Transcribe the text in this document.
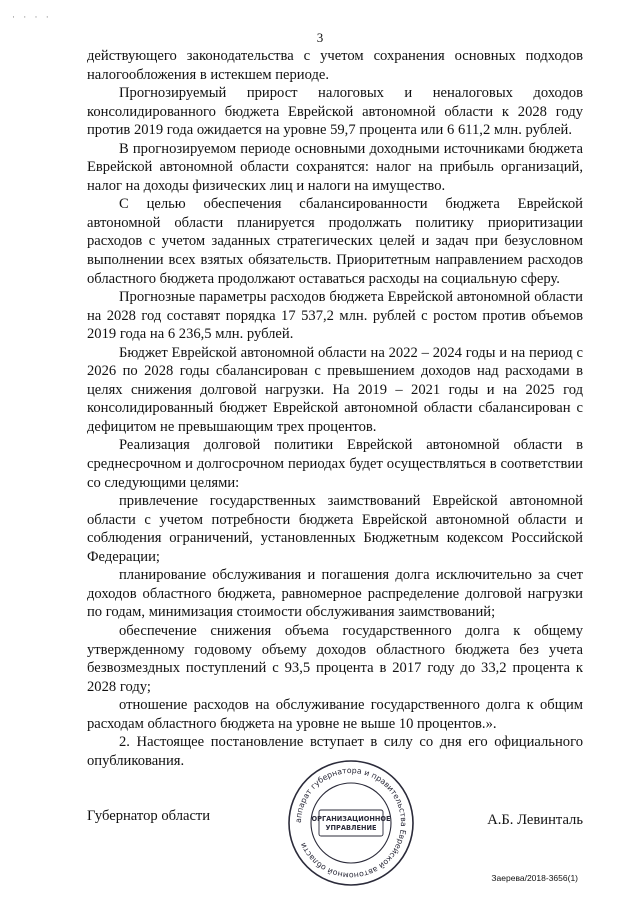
· · · ·
3

действующего законодательства с учетом сохранения основных подходов налогообложения в истекшем периоде.

Прогнозируемый прирост налоговых и неналоговых доходов консолидированного бюджета Еврейской автономной области к 2028 году против 2019 года ожидается на уровне 59,7 процента или 6 611,2 млн. рублей.

В прогнозируемом периоде основными доходными источниками бюджета Еврейской автономной области сохранятся: налог на прибыль организаций, налог на доходы физических лиц и налоги на имущество.

С целью обеспечения сбалансированности бюджета Еврейской автономной области планируется продолжать политику приоритизации расходов с учетом заданных стратегических целей и задач при безусловном выполнении всех взятых обязательств. Приоритетным направлением расходов областного бюджета продолжают оставаться расходы на социальную сферу.

Прогнозные параметры расходов бюджета Еврейской автономной области на 2028 год составят порядка 17 537,2 млн. рублей с ростом против объемов 2019 года на 6 236,5 млн. рублей.

Бюджет Еврейской автономной области на 2022 – 2024 годы и на период с 2026 по 2028 годы сбалансирован с превышением доходов над расходами в целях снижения долговой нагрузки. На 2019 – 2021 годы и на 2025 год консолидированный бюджет Еврейской автономной области сбалансирован с дефицитом не превышающим трех процентов.

Реализация долговой политики Еврейской автономной области в среднесрочном и долгосрочном периодах будет осуществляться в соответствии со следующими целями:

привлечение государственных заимствований Еврейской автономной области с учетом потребности бюджета Еврейской автономной области и соблюдения ограничений, установленных Бюджетным кодексом Российской Федерации;

планирование обслуживания и погашения долга исключительно за счет доходов областного бюджета, равномерное распределение долговой нагрузки по годам, минимизация стоимости обслуживания заимствований;

обеспечение снижения объема государственного долга к общему утвержденному годовому объему доходов областного бюджета без учета безвозмездных поступлений с 93,5 процента в 2017 году до 33,2 процента к 2028 году;

отношение расходов на обслуживание государственного долга к общим расходам областного бюджета на уровне не выше 10 процентов.».

2. Настоящее постановление вступает в силу со дня его официального опубликования.

Губернатор области	А.Б. Левинталь
аппарат губернатора и правительства Еврейской автономной области
ОРГАНИЗАЦИОННОЕ
УПРАВЛЕНИЕ
Заерева/2018-3656(1)
